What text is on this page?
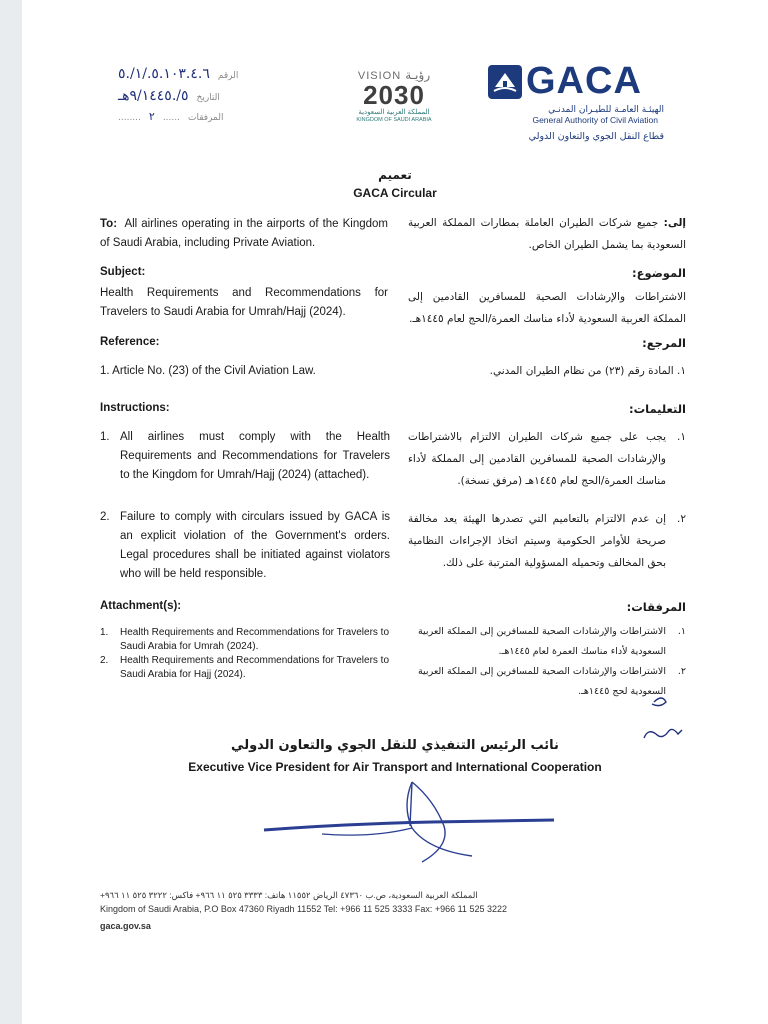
٥.١٠٣.٤.٦./١/.٥ الرقم
٥/.٩/١٤٤٥هـ التاريخ
........ ٢ ...... المرفقات
VISION رؤيـة
2030
المملكة العربية السعودية
KINGDOM OF SAUDI ARABIA
GACA
الهيئـة العامـة للطيـران المدنـي
General Authority of Civil Aviation
قطاع النقل الجوي والتعاون الدولي
تعميم
GACA Circular
To: All airlines operating in the airports of the Kingdom of Saudi Arabia, including Private Aviation.
إلى: جميع شركات الطيران العاملة بمطارات المملكة العربية السعودية بما يشمل الطيران الخاص.
Subject:
Health Requirements and Recommendations for Travelers to Saudi Arabia for Umrah/Hajj (2024).
الموضوع:
الاشتراطات والإرشادات الصحية للمسافرين القادمين إلى المملكة العربية السعودية لأداء مناسك العمرة/الحج لعام ١٤٤٥هـ.
Reference:	المرجع:
1. Article No. (23) of the Civil Aviation Law.	١. المادة رقم (٢٣) من نظام الطيران المدني.
Instructions:	التعليمات:
1. All airlines must comply with the Health Requirements and Recommendations for Travelers to the Kingdom for Umrah/Hajj (2024) (attached).
١.
يجب على جميع شركات الطيران الالتزام بالاشتراطات والإرشادات الصحية للمسافرين القادمين إلى المملكة لأداء مناسك العمرة/الحج لعام ١٤٤٥هـ (مرفق نسخة).
2. Failure to comply with circulars issued by GACA is an explicit violation of the Government's orders. Legal procedures shall be initiated against violators who will be held responsible.
٢.
إن عدم الالتزام بالتعاميم التي تصدرها الهيئة يعد مخالفة صريحة للأوامر الحكومية وسيتم اتخاذ الإجراءات النظامية بحق المخالف وتحميله المسؤولية المترتبة على ذلك.
Attachment(s):	المرفقات:
1.	Health Requirements and Recommendations for Travelers to Saudi Arabia for Umrah (2024).
2.	Health Requirements and Recommendations for Travelers to Saudi Arabia for Hajj (2024).
١.
الاشتراطات والإرشادات الصحية للمسافرين إلى المملكة العربية السعودية لأداء مناسك العمرة لعام ١٤٤٥هـ.
٢.
الاشتراطات والإرشادات الصحية للمسافرين إلى المملكة العربية السعودية لحج ١٤٤٥هـ.
نائب الرئيس التنفيذي للنقل الجوي والتعاون الدولي
Executive Vice President for Air Transport and International Cooperation
المملكة العربية السعودية، ص.ب ٤٧٣٦٠ الرياض ١١٥٥٢ هاتف: ٣٣٣٣ ٥٢٥ ١١ ٩٦٦+ فاكس: ٣٢٢٢ ٥٢٥ ١١ ٩٦٦+
Kingdom of Saudi Arabia, P.O Box 47360 Riyadh 11552 Tel: +966 11 525 3333 Fax: +966 11 525 3222
gaca.gov.sa
